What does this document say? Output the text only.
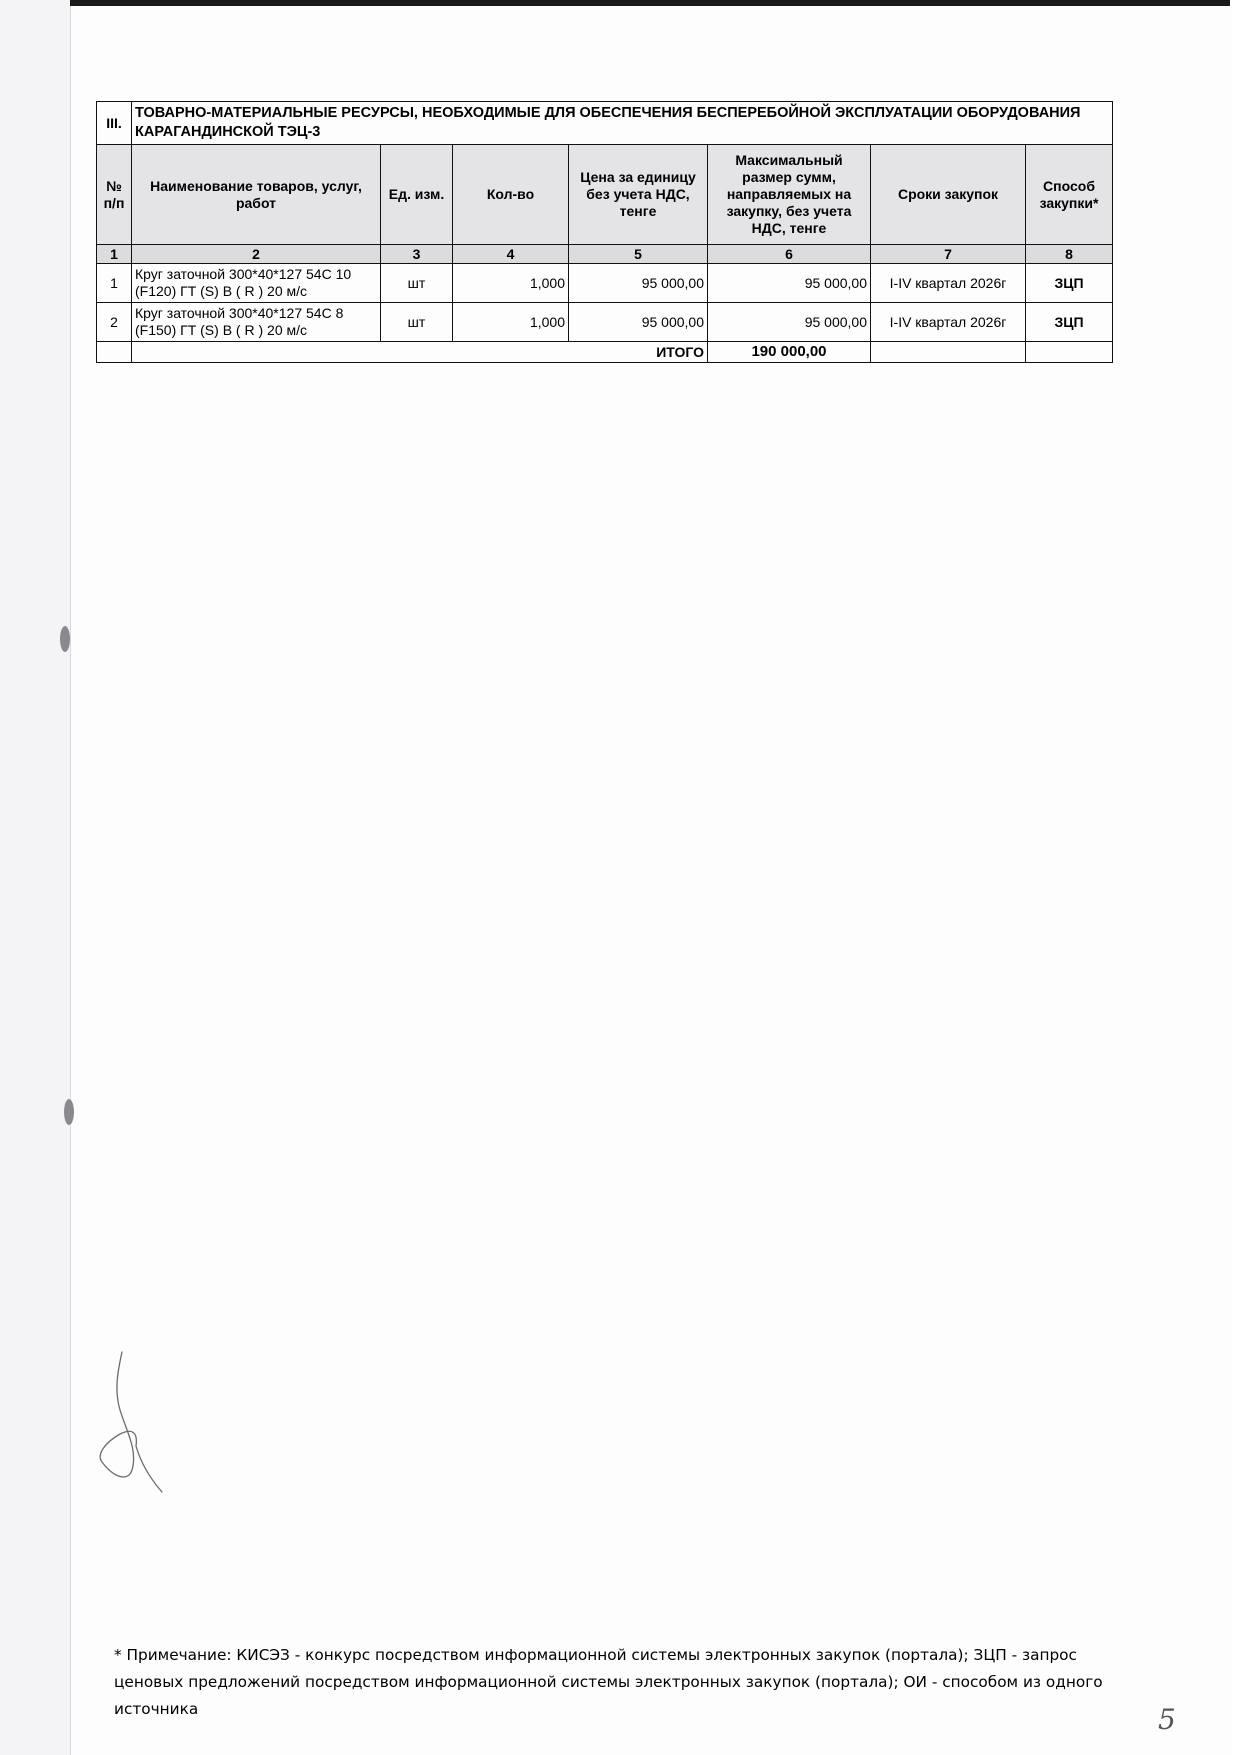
III.	ТОВАРНО-МАТЕРИАЛЬНЫЕ РЕСУРСЫ, НЕОБХОДИМЫЕ ДЛЯ ОБЕСПЕЧЕНИЯ БЕСПЕРЕБОЙНОЙ ЭКСПЛУАТАЦИИ ОБОРУДОВАНИЯ КАРАГАНДИНСКОЙ ТЭЦ-3						
№ п/п	Наименование товаров, услуг, работ	Ед. изм.	Кол-во	Цена за единицу без учета НДС, тенге	Максимальный размер сумм, направляемых на закупку, без учета НДС, тенге	Сроки закупок	Способ закупки*
1	2	3	4	5	6	7	8
1	Круг заточной 300*40*127 54С 10 (F120) ГТ (S) В ( R ) 20 м/с	шт	1,000	95 000,00	95 000,00	I-IV квартал 2026г	ЗЦП
2	Круг заточной 300*40*127 54С 8 (F150) ГТ (S) В ( R ) 20 м/с	шт	1,000	95 000,00	95 000,00	I-IV квартал 2026г	ЗЦП
	ИТОГО				190 000,00		
* Примечание: КИСЭЗ - конкурс посредством информационной системы электронных закупок (портала); ЗЦП - запрос ценовых предложений посредством информационной системы электронных закупок (портала); ОИ - способом из одного источника	5
